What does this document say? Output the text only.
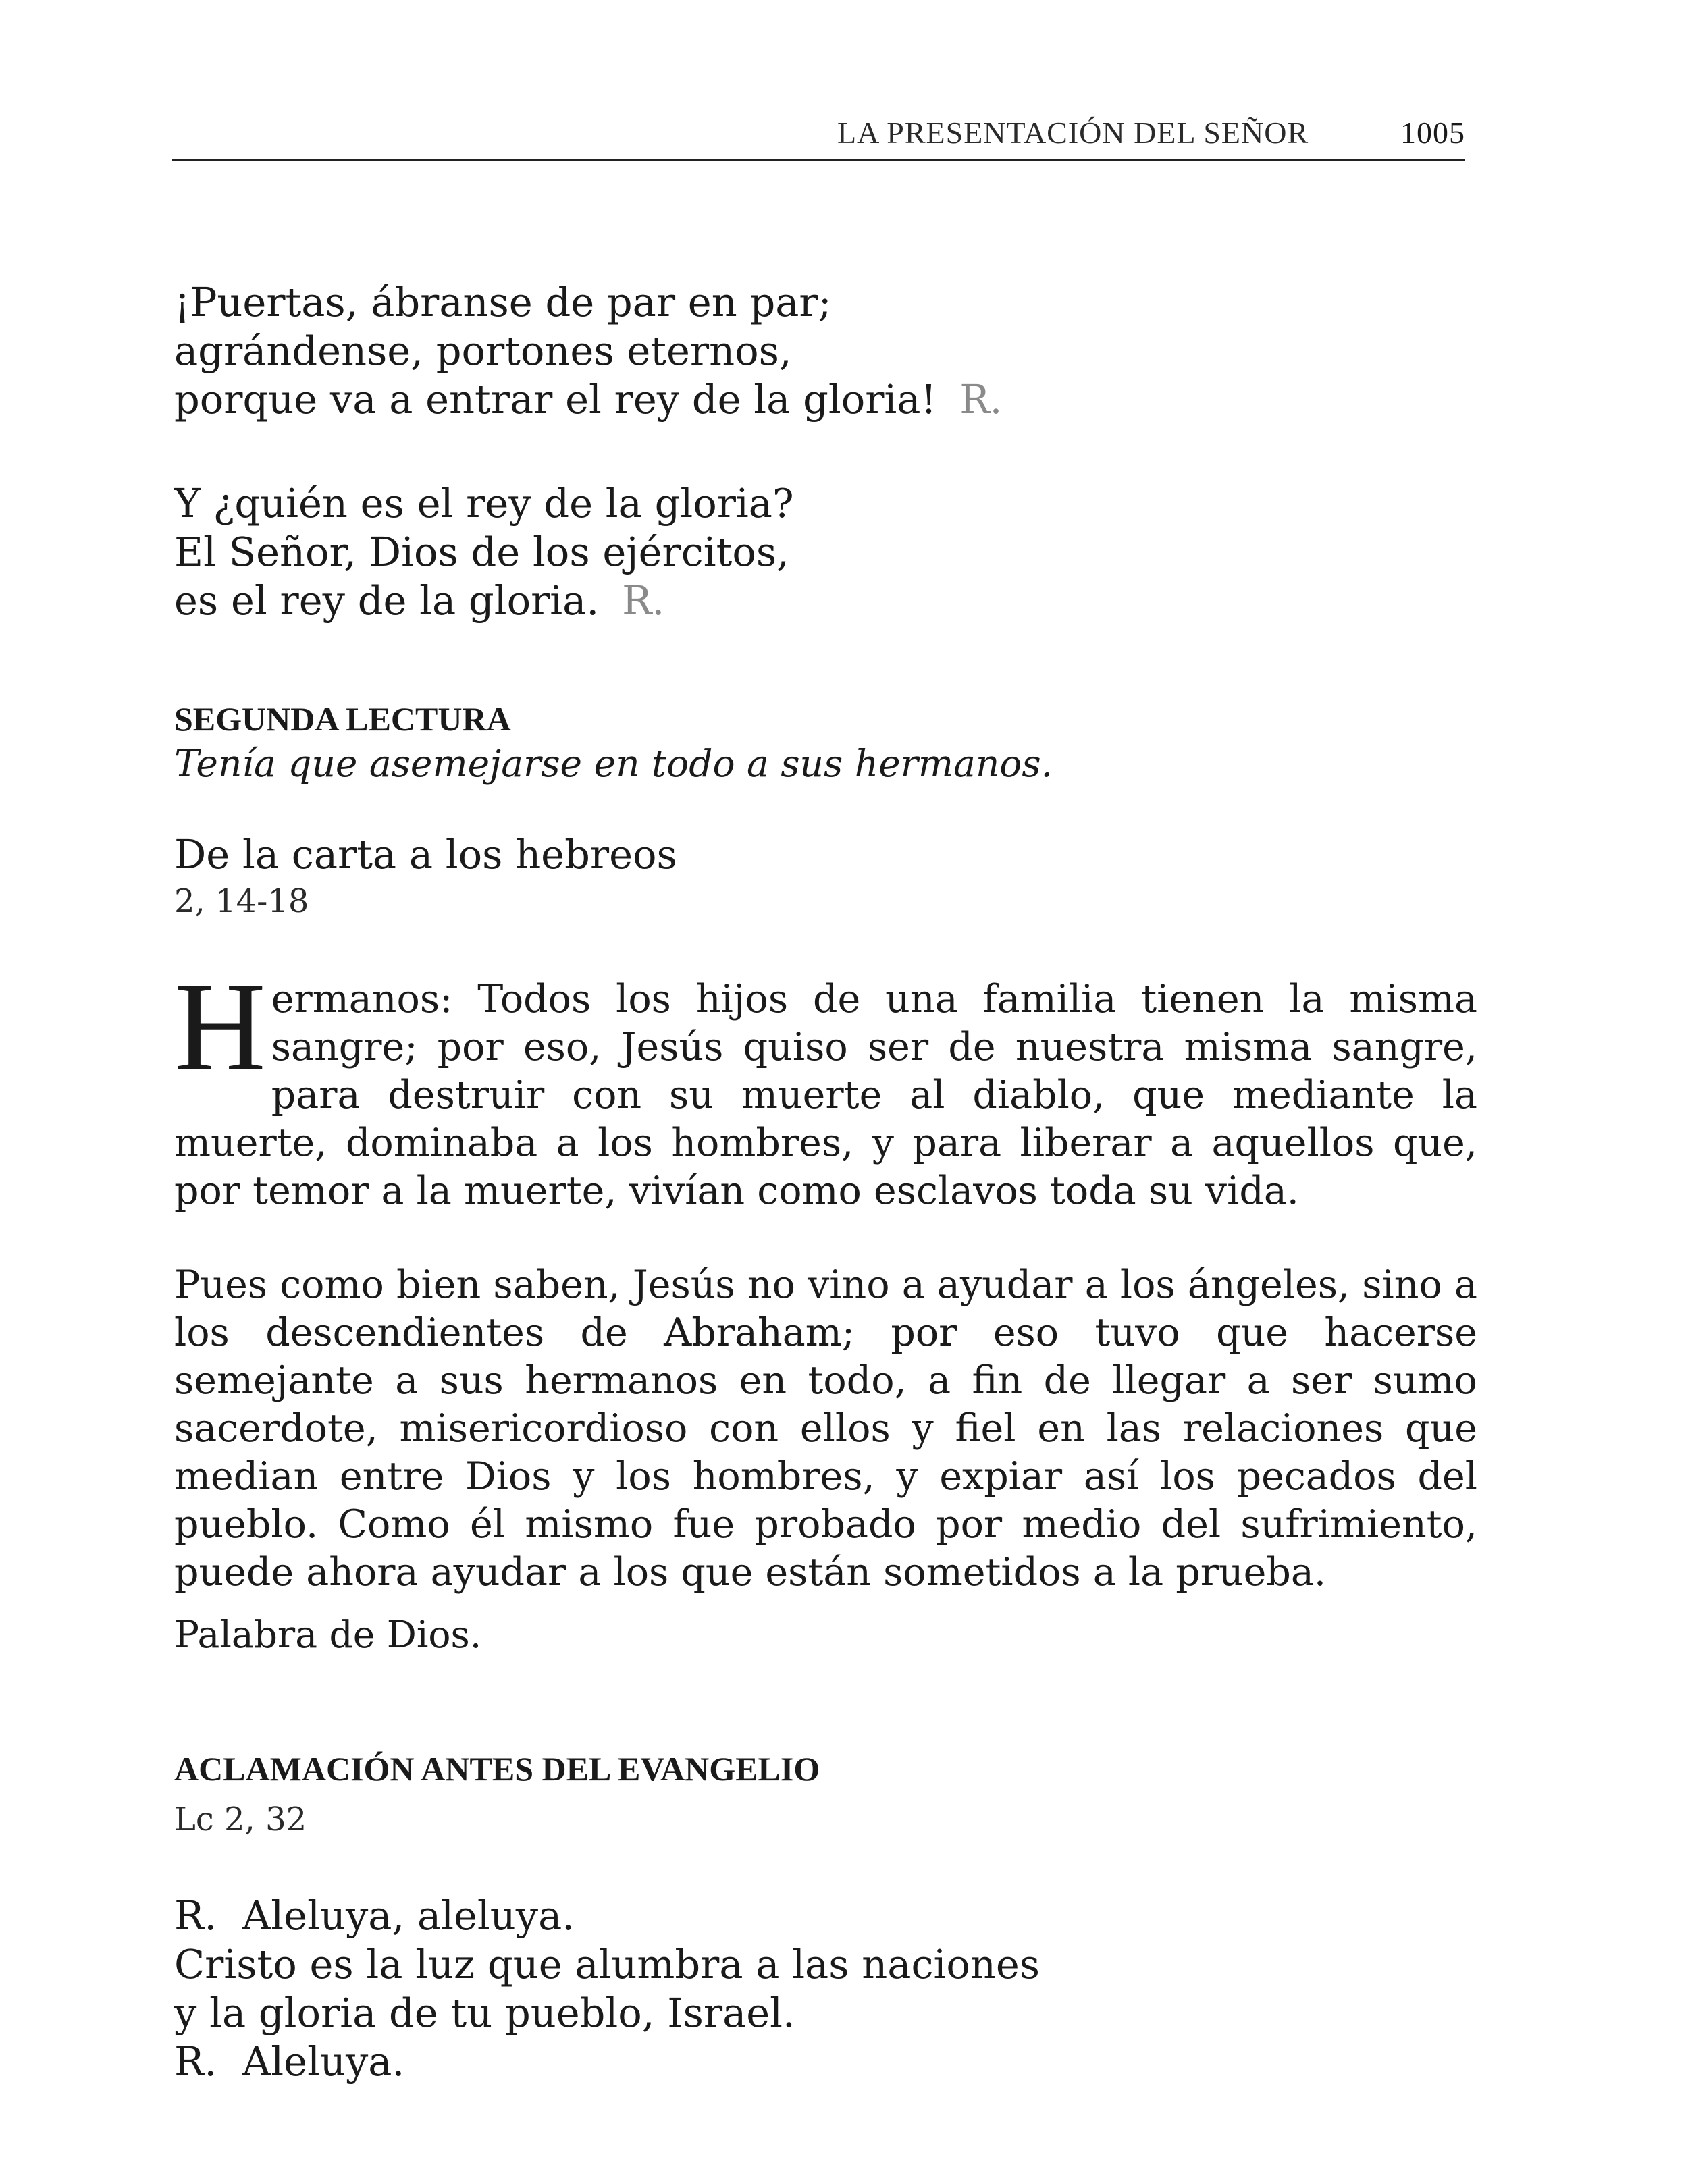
LA PRESENTACIÓN DEL SEÑOR	1005
¡Puertas, ábranse de par en par;
agrándense, portones eternos,
porque va a entrar el rey de la gloria! R.
Y ¿quién es el rey de la gloria?
El Señor, Dios de los ejércitos,
es el rey de la gloria. R.
SEGUNDA LECTURA
Tenía que asemejarse en todo a sus hermanos.
De la carta a los hebreos
2, 14-18

Hermanos: Todos los hijos de una familia tienen la misma sangre; por eso, Jesús quiso ser de nuestra misma sangre, para destruir con su muerte al diablo, que mediante la muerte, dominaba a los hombres, y para liberar a aquellos que, por temor a la muerte, vivían como esclavos toda su vida.

Pues como bien saben, Jesús no vino a ayudar a los ángeles, sino a los descendientes de Abraham; por eso tuvo que hacerse semejante a sus hermanos en todo, a fin de llegar a ser sumo sacerdote, misericordioso con ellos y fiel en las relaciones que median entre Dios y los hombres, y expiar así los pecados del pueblo. Como él mismo fue probado por medio del sufrimiento, puede ahora ayudar a los que están sometidos a la prueba.

Palabra de Dios.
ACLAMACIÓN ANTES DEL EVANGELIO
Lc 2, 32
R.  Aleluya, aleluya.
Cristo es la luz que alumbra a las naciones
y la gloria de tu pueblo, Israel.
R.  Aleluya.
